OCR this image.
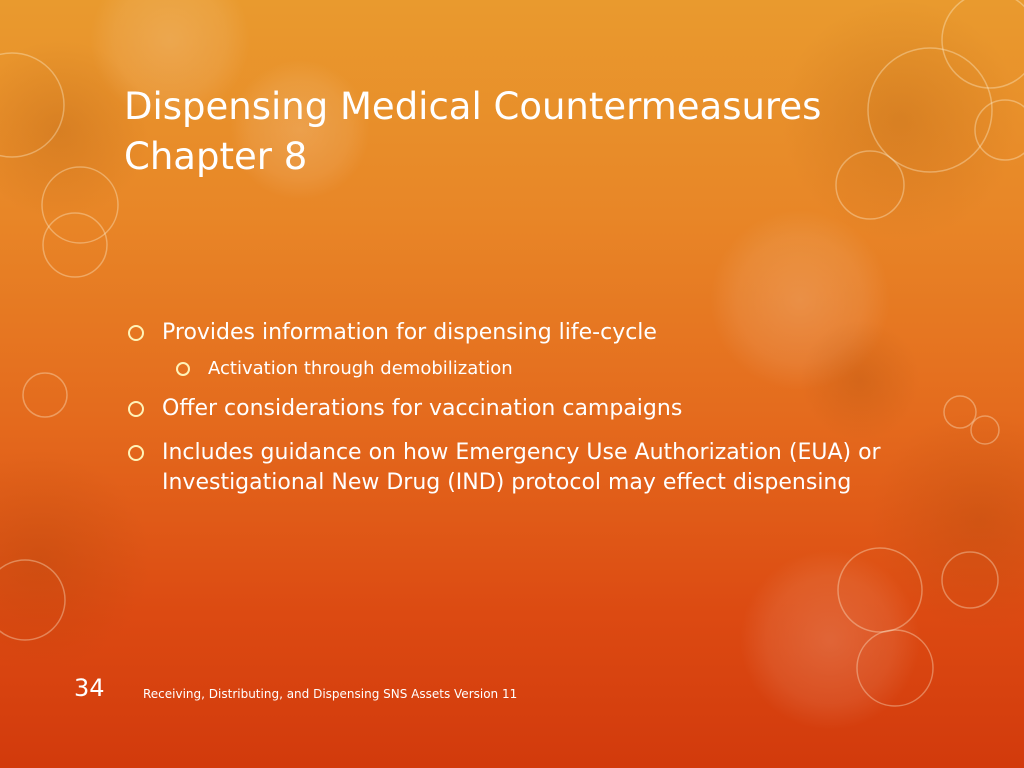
Dispensing Medical Countermeasures
Chapter 8
Provides information for dispensing life-cycle
Activation through demobilization
Offer considerations for vaccination campaigns
Includes guidance on how Emergency Use Authorization (EUA) or Investigational New Drug (IND) protocol may effect dispensing
34	Receiving, Distributing, and Dispensing SNS Assets Version 11
